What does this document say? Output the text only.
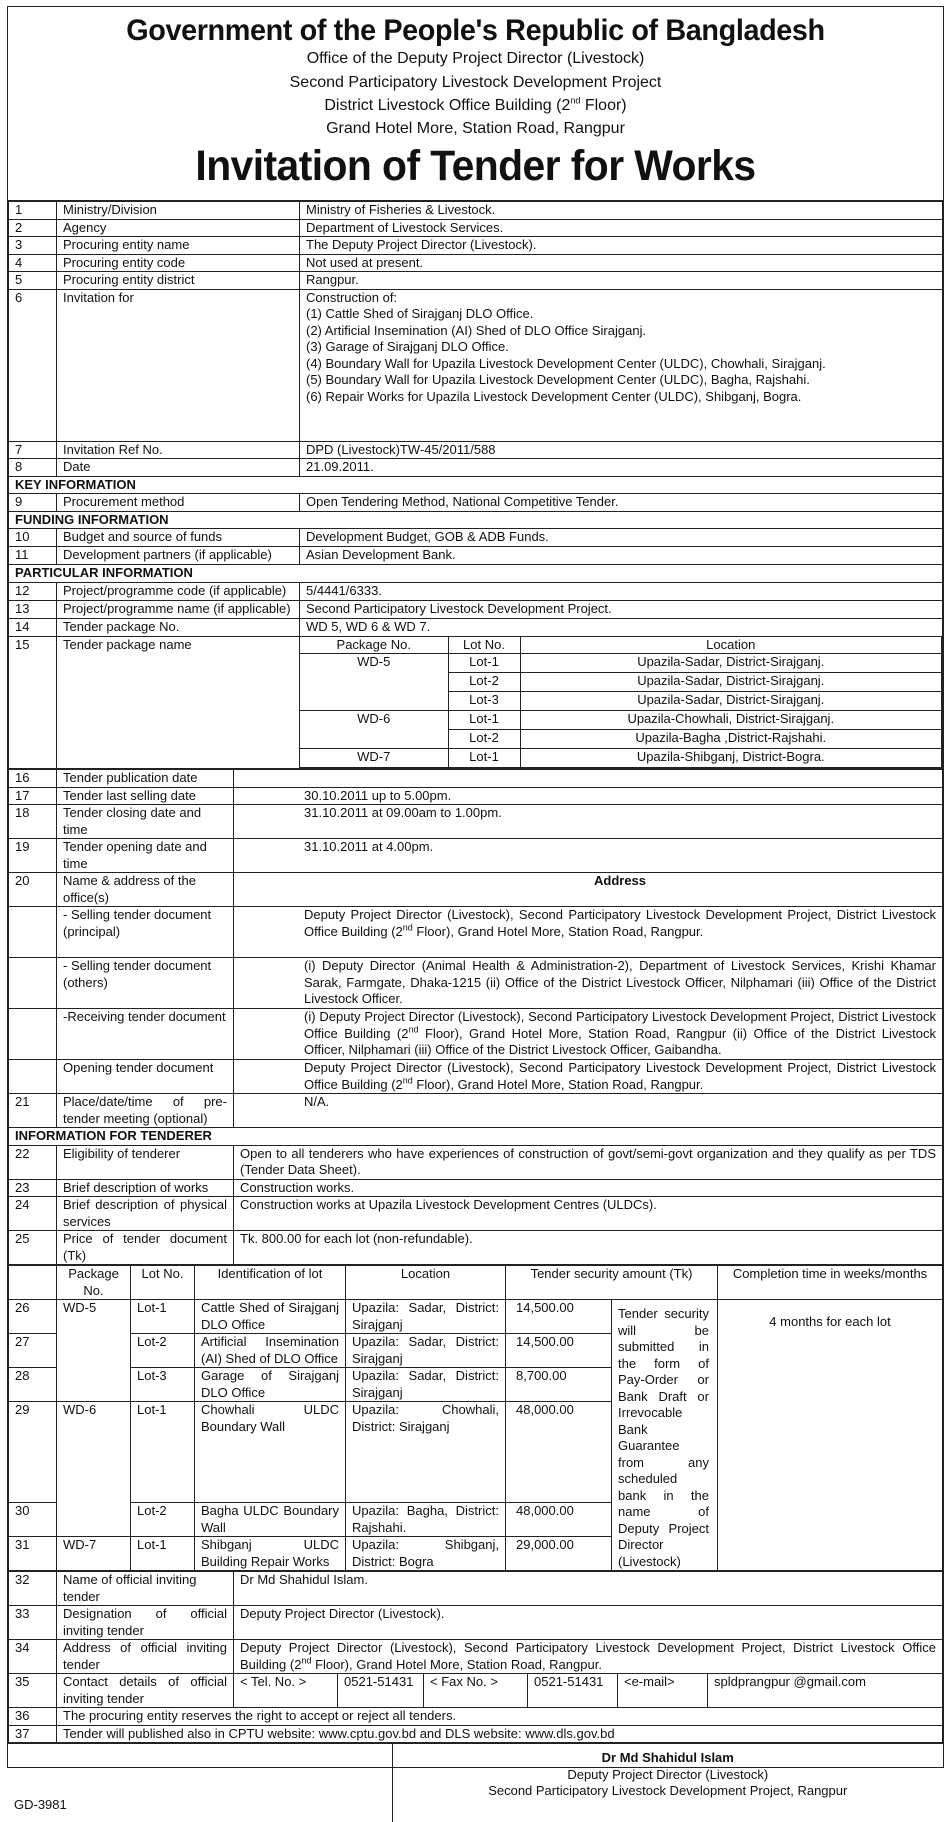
Government of the People's Republic of Bangladesh
Office of the Deputy Project Director (Livestock)
Second Participatory Livestock Development Project
District Livestock Office Building (2nd Floor)
Grand Hotel More, Station Road, Rangpur
Invitation of Tender for Works
1	Ministry/Division	Ministry of Fisheries & Livestock.
2	Agency	Department of Livestock Services.
3	Procuring entity name	The Deputy Project Director (Livestock).
4	Procuring entity code	Not used at present.
5	Procuring entity district	Rangpur.
6	Invitation for	Construction of:
(1) Cattle Shed of Sirajganj DLO Office.
(2) Artificial Insemination (AI) Shed of DLO Office Sirajganj.
(3) Garage of Sirajganj DLO Office.
(4) Boundary Wall for Upazila Livestock Development Center (ULDC), Chowhali, Sirajganj.
(5) Boundary Wall for Upazila Livestock Development Center (ULDC), Bagha, Rajshahi.
(6) Repair Works for Upazila Livestock Development Center (ULDC), Shibganj, Bogra.

7	Invitation Ref No.	DPD (Livestock)TW-45/2011/588
8	Date	21.09.2011.
KEY INFORMATION
9	Procurement method	Open Tendering Method, National Competitive Tender.
FUNDING INFORMATION
10	Budget and source of funds	Development Budget, GOB & ADB Funds.
11	Development partners (if applicable)	Asian Development Bank.
PARTICULAR INFORMATION
12	Project/programme code (if applicable)	5/4441/6333.
13	Project/programme name (if applicable)	Second Participatory Livestock Development Project.
14	Tender package No.	WD 5, WD 6 & WD 7.
15	Tender package name		Package No.	Lot No.	Location
WD-5	Lot-1	Upazila-Sadar, District-Sirajganj.
Lot-2	Upazila-Sadar, District-Sirajganj.
Lot-3	Upazila-Sadar, District-Sirajganj.
WD-6	Lot-1	Upazila-Chowhali, District-Sirajganj.
Lot-2	Upazila-Bagha ,District-Rajshahi.
WD-7	Lot-1	Upazila-Shibganj, District-Bogra.
16	Tender publication date	
17	Tender last selling date	30.10.2011 up to 5.00pm.
18	Tender closing date and time	31.10.2011 at 09.00am to 1.00pm.
19	Tender opening date and time	31.10.2011 at 4.00pm.
20	Name & address of the office(s)	Address
	- Selling tender document (principal)	Deputy Project Director (Livestock), Second Participatory Livestock Development Project, District Livestock Office Building (2nd Floor), Grand Hotel More, Station Road, Rangpur.
	- Selling tender document (others)	(i) Deputy Director (Animal Health & Administration-2), Department of Livestock Services, Krishi Khamar Sarak, Farmgate, Dhaka-1215 (ii) Office of the District Livestock Officer, Nilphamari (iii) Office of the District Livestock Officer.
	-Receiving tender document	(i) Deputy Project Director (Livestock), Second Participatory Livestock Development Project, District Livestock Office Building (2nd Floor), Grand Hotel More, Station Road, Rangpur (ii) Office of the District Livestock Officer, Nilphamari (iii) Office of the District Livestock Officer, Gaibandha.
	Opening tender document	Deputy Project Director (Livestock), Second Participatory Livestock Development Project, District Livestock Office Building (2nd Floor), Grand Hotel More, Station Road, Rangpur.
21	Place/date/time of pre-tender meeting (optional)	N/A.
INFORMATION FOR TENDERER		
22	Eligibility of tenderer	Open to all tenderers who have experiences of construction of govt/semi-govt organization and they qualify as per TDS (Tender Data Sheet).
23	Brief description of works	Construction works.
24	Brief description of physical services	Construction works at Upazila Livestock Development Centres (ULDCs).
25	Price of tender document (Tk)	Tk. 800.00 for each lot (non-refundable).
	Package No.	Lot No.	Identification of lot	Location	Tender security amount (Tk)		Completion time in weeks/months
26	WD-5	Lot-1	Cattle Shed of Sirajganj DLO Office	Upazila: Sadar, District: Sirajganj	14,500.00	Tender security will be submitted in the form of Pay-Order or Bank Draft or Irrevocable Bank Guarantee from any scheduled bank in the name of Deputy Project Director (Livestock)	4 months for each lot
27		Lot-2	Artificial Insemination (AI) Shed of DLO Office	Upazila: Sadar, District: Sirajganj	14,500.00		
28		Lot-3	Garage of Sirajganj DLO Office	Upazila: Sadar, District: Sirajganj	8,700.00		
29	WD-6	Lot-1	Chowhali ULDC Boundary Wall	Upazila: Chowhali, District: Sirajganj	48,000.00		
30		Lot-2	Bagha ULDC Boundary Wall	Upazila: Bagha, District: Rajshahi.	48,000.00		
31	WD-7	Lot-1	Shibganj ULDC Building Repair Works	Upazila: Shibganj, District: Bogra	29,000.00		
32	Name of official inviting tender	Dr Md Shahidul Islam.					
33	Designation of official inviting tender	Deputy Project Director (Livestock).					
34	Address of official inviting tender	Deputy Project Director (Livestock), Second Participatory Livestock Development Project, District Livestock Office Building (2nd Floor), Grand Hotel More, Station Road, Rangpur.					
35	Contact details of official inviting tender	< Tel. No. >	0521-51431	< Fax No. >	0521-51431	<e-mail>	spldprangpur @gmail.com
36	The procuring entity reserves the right to accept or reject all tenders.						
37	Tender will published also in CPTU website: www.cptu.gov.bd and DLS website: www.dls.gov.bd						
GD-3981	
Dr Md Shahidul Islam
Deputy Project Director (Livestock)
Second Participatory Livestock Development Project, Rangpur
